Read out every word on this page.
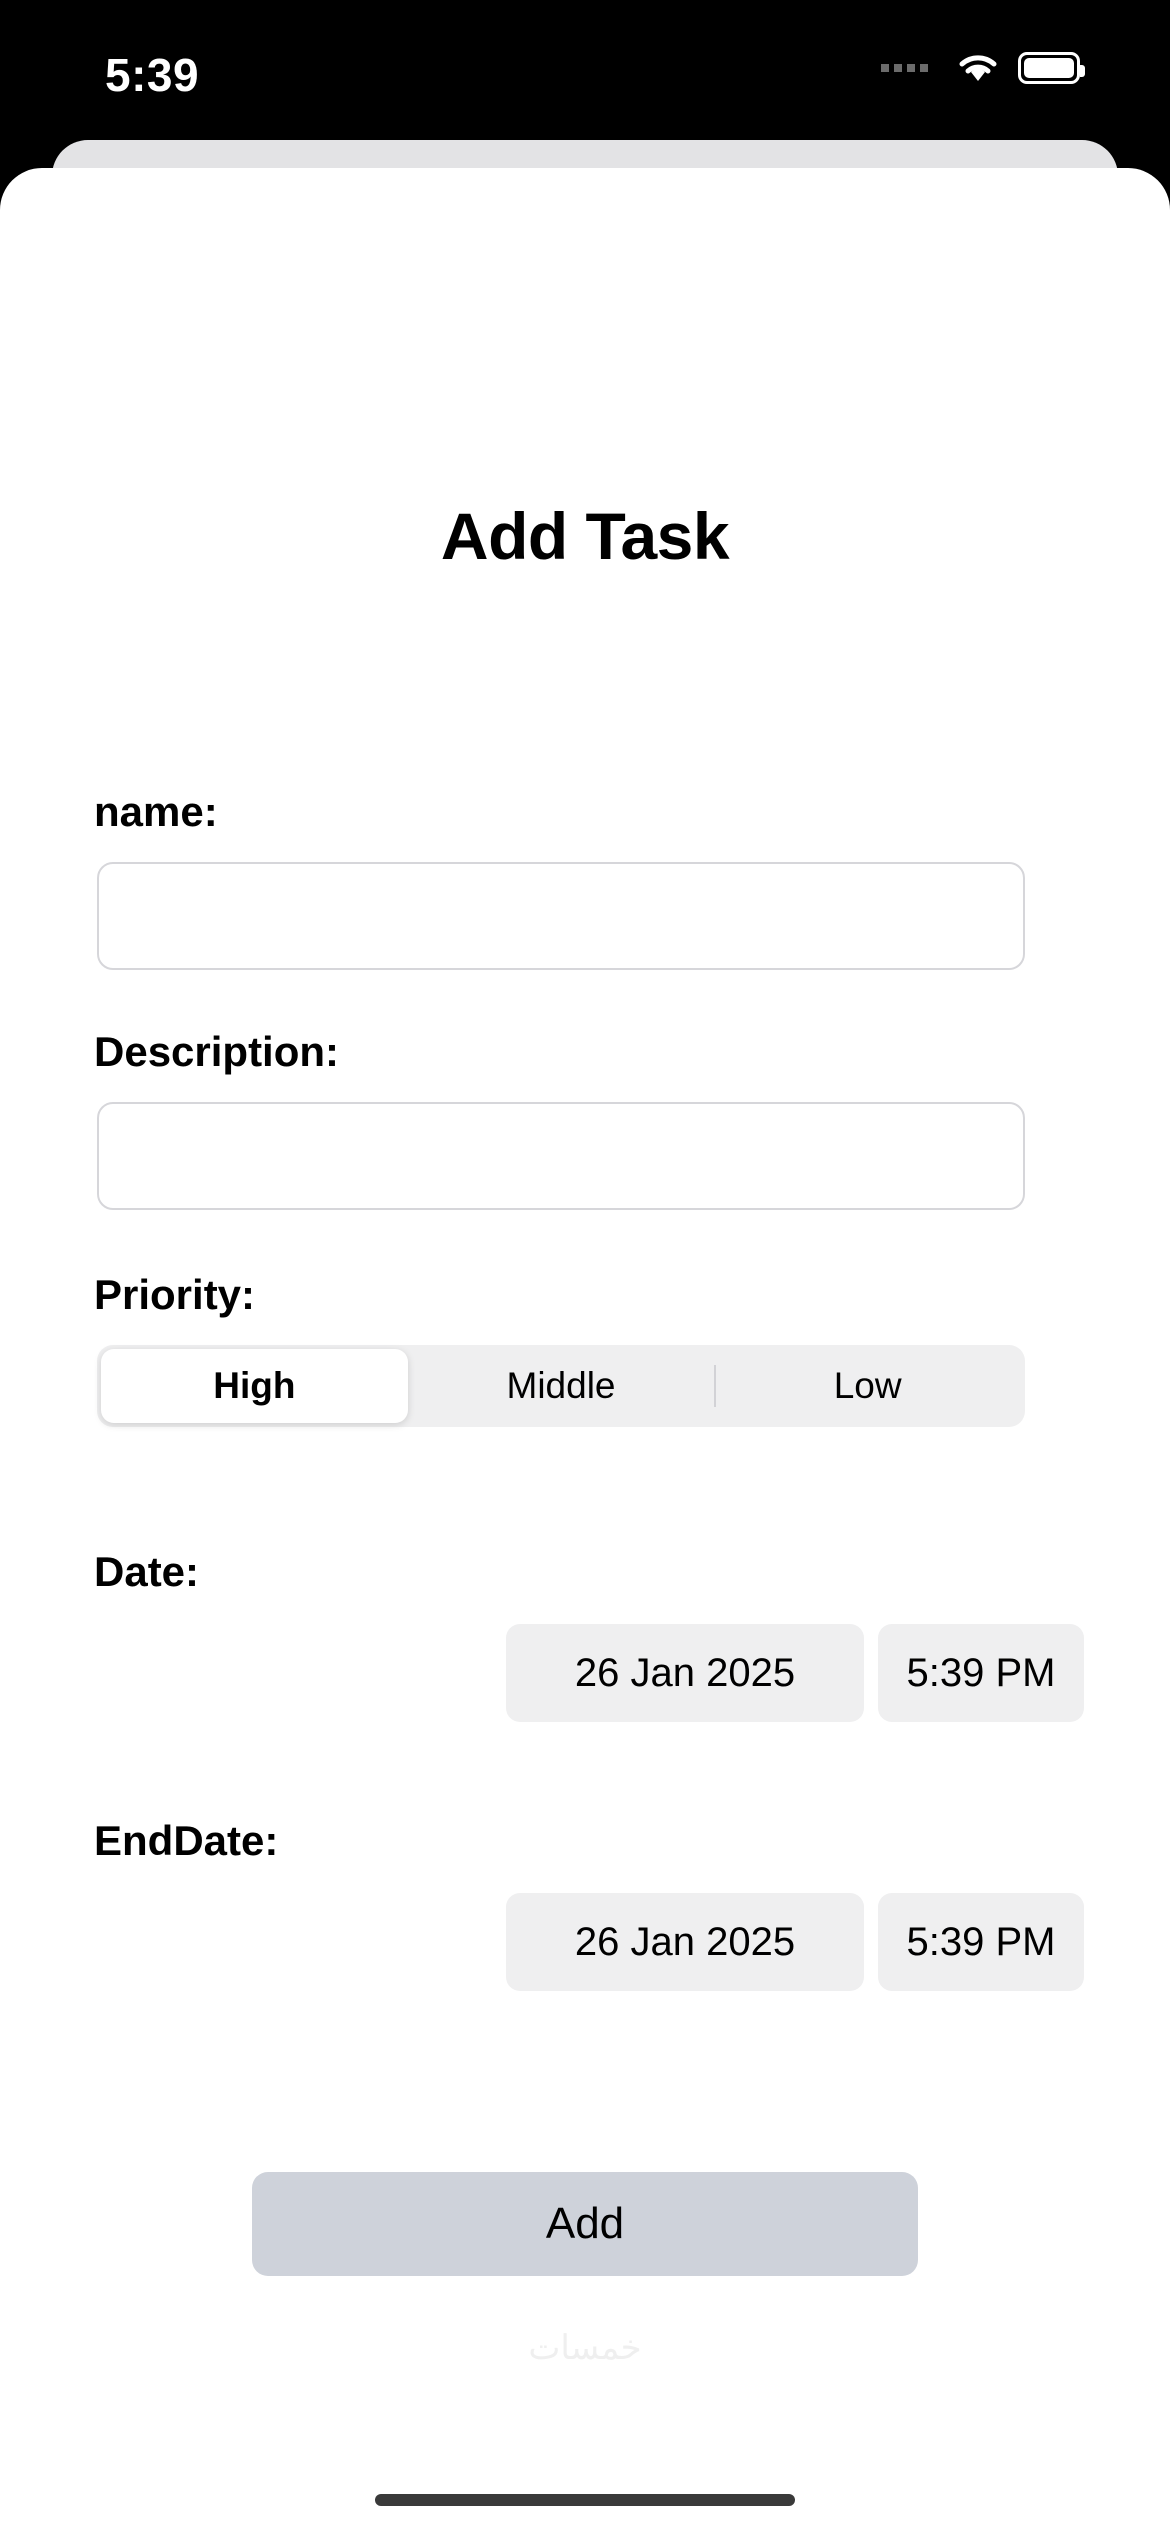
5:39
Add Task
name:
Description:
Priority:
High	Middle	Low
Date:
26 Jan 2025	5:39 PM
EndDate:
26 Jan 2025	5:39 PM
Add
خمسات
